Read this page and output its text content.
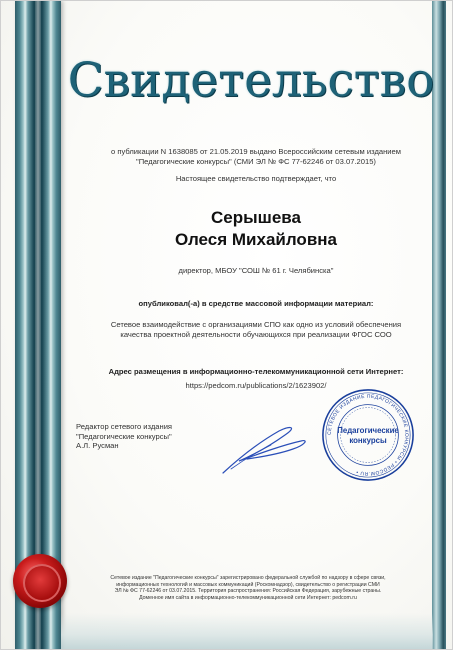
Свидетельство
о публикации N 1638085 от 21.05.2019 выдано Всероссийским сетевым изданием
"Педагогические конкурсы" (СМИ ЭЛ № ФС 77-62246 от 03.07.2015)
Настоящее свидетельство подтверждает, что
Серышева
Олеся Михайловна
директор, МБОУ "СОШ № 61 г. Челябинска"
опубликовал(-а) в средстве массовой информации материал:
Сетевое взаимодействие с организациями СПО как одно из условий обеспечения
качества проектной деятельности обучающихся при реализации ФГОС СОО
Адрес размещения в информационно-телекоммуникационной сети Интернет:
https://pedcom.ru/publications/2/1623902/
Редактор сетевого издания
"Педагогические конкурсы"
А.Л. Русман
СЕТЕВОЕ ИЗДАНИЕ ПЕДАГОГИЧЕСКИЕ КОНКУРСЫ • PEDCOM.RU •
Педагогические
конкурсы
Сетевое издание "Педагогические конкурсы" зарегистрировано федеральной службой по надзору в сфере связи,
информационных технологий и массовых коммуникаций (Роскомнадзор), свидетельство о регистрации СМИ
ЭЛ № ФС 77-62246 от 03.07.2015. Территория распространения: Российская Федерация, зарубежные страны.
Доменное имя сайта в информационно-телекоммуникационной сети Интернет: pedcom.ru
